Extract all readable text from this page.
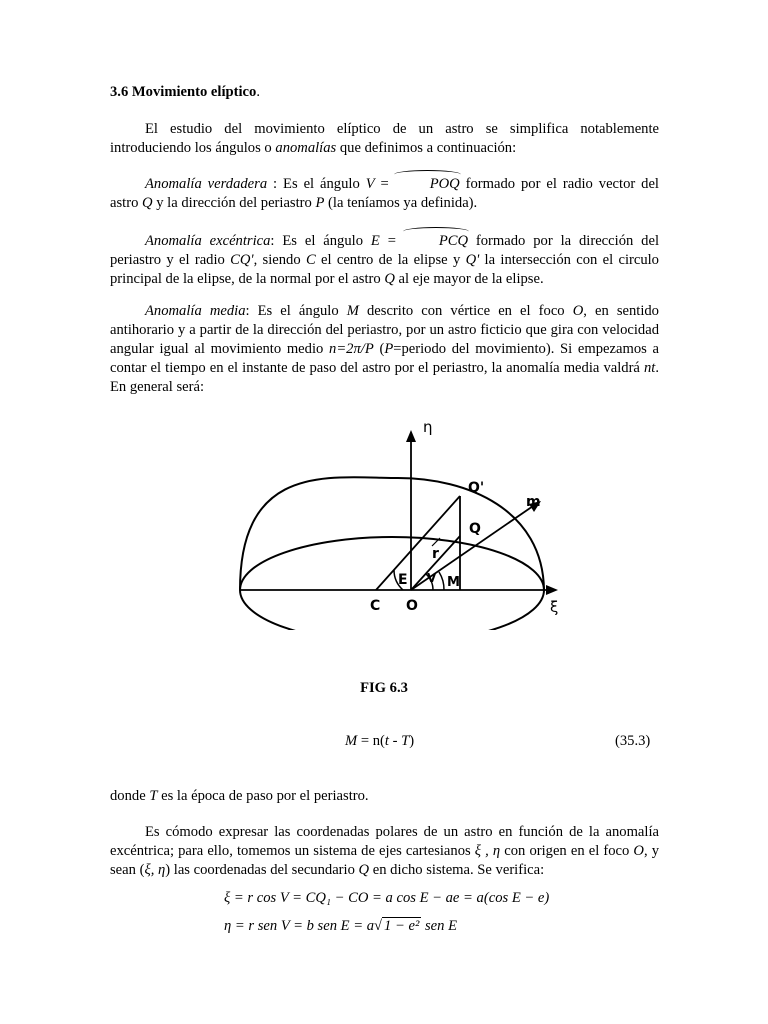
3.6 Movimiento elíptico.
El estudio del movimiento elíptico de un astro se simplifica notablemente introduciendo los ángulos o anomalías que definimos a continuación:
Anomalía verdadera : Es el ángulo V = POQ formado por el radio vector del astro Q y la dirección del periastro P (la teníamos ya definida).
Anomalía excéntrica: Es el ángulo E = PCQ formado por la dirección del periastro y el radio CQ', siendo C el centro de la elipse y Q' la intersección con el circulo principal de la elipse, de la normal por el astro Q al eje mayor de la elipse.
Anomalía media: Es el ángulo M descrito con vértice en el foco O, en sentido antihorario y a partir de la dirección del periastro, por un astro ficticio que gira con velocidad angular igual al movimiento medio n=2π/P (P=periodo del movimiento). Si empezamos a contar el tiempo en el instante de paso del astro por el periastro, la anomalía media valdrá nt. En general será:
η
Q'
m
Q
r
E V M
C O	ξ
FIG 6.3
M = n(t - T)	(35.3)
donde T es la época de paso por el periastro.
Es cómodo expresar las coordenadas polares de un astro en función de la anomalía excéntrica; para ello, tomemos un sistema de ejes cartesianos ξ , η con origen en el foco O, y sean (ξ, η) las coordenadas del secundario Q en dicho sistema. Se verifica:
ξ = r cos V = CQ₁ − CO = a cos E − ae = a(cos E − e)
η = r sen V = b sen E = a√ 1 − e² sen E
